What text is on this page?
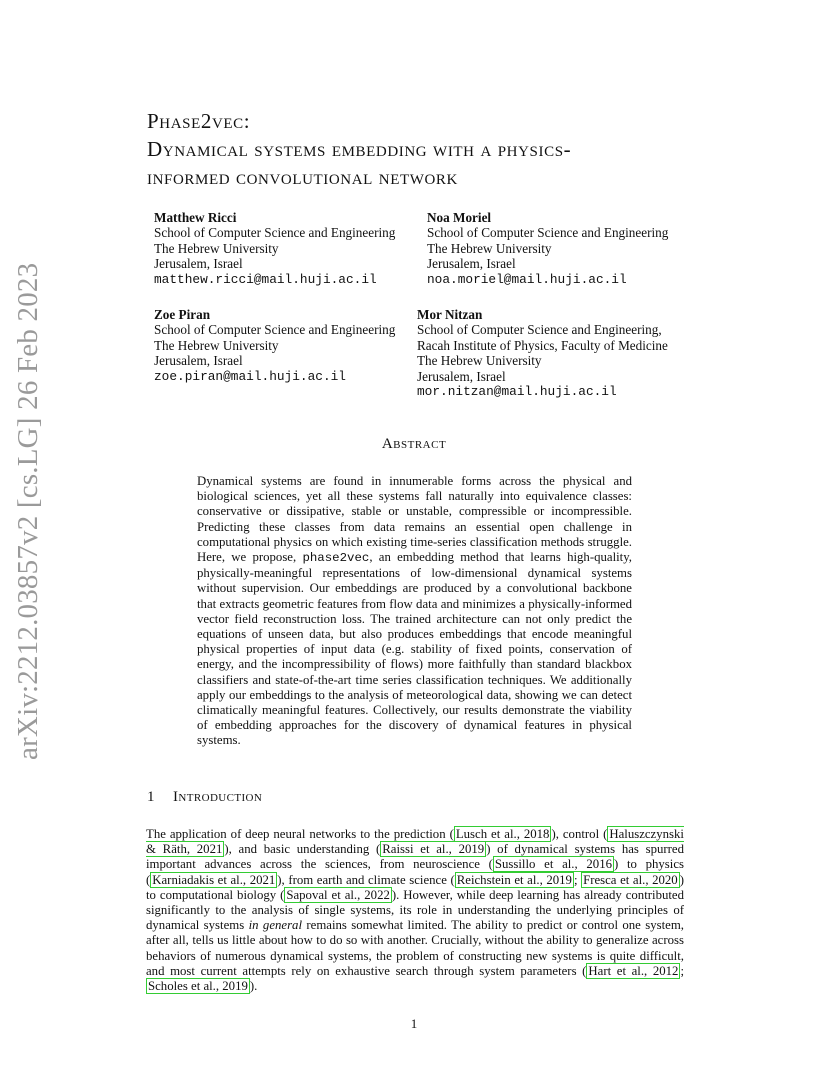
arXiv:2212.03857v2 [cs.LG] 26 Feb 2023
Phase2vec:
Dynamical systems embedding with a physics-
informed convolutional network
Matthew Ricci
School of Computer Science and Engineering
The Hebrew University
Jerusalem, Israel
matthew.ricci@mail.huji.ac.il
Noa Moriel
School of Computer Science and Engineering
The Hebrew University
Jerusalem, Israel
noa.moriel@mail.huji.ac.il
Zoe Piran
School of Computer Science and Engineering
The Hebrew University
Jerusalem, Israel
zoe.piran@mail.huji.ac.il
Mor Nitzan
School of Computer Science and Engineering,
Racah Institute of Physics, Faculty of Medicine
The Hebrew University
Jerusalem, Israel
mor.nitzan@mail.huji.ac.il
Abstract
Dynamical systems are found in innumerable forms across the physical and biological sciences, yet all these systems fall naturally into equivalence classes: conservative or dissipative, stable or unstable, compressible or incompressible. Predicting these classes from data remains an essential open challenge in computational physics on which existing time-series classification methods struggle. Here, we propose, phase2vec, an embedding method that learns high-quality, physically-meaningful representations of low-dimensional dynamical systems without supervision. Our embeddings are produced by a convolutional backbone that extracts geometric features from flow data and minimizes a physically-informed vector field reconstruction loss. The trained architecture can not only predict the equations of unseen data, but also produces embeddings that encode meaningful physical properties of input data (e.g. stability of fixed points, conservation of energy, and the incompressibility of flows) more faithfully than standard blackbox classifiers and state-of-the-art time series classification techniques. We additionally apply our embeddings to the analysis of meteorological data, showing we can detect climatically meaningful features. Collectively, our results demonstrate the viability of embedding approaches for the discovery of dynamical features in physical systems.
1 Introduction
The application of deep neural networks to the prediction ( Lusch et al., 2018 ), control ( Haluszczynski & Räth, 2021 ), and basic understanding ( Raissi et al., 2019 ) of dynamical systems has spurred important advances across the sciences, from neuroscience ( Sussillo et al., 2016 ) to physics ( Karniadakis et al., 2021 ), from earth and climate science ( Reichstein et al., 2019 ; Fresca et al., 2020 ) to computational biology ( Sapoval et al., 2022 ). However, while deep learning has already contributed significantly to the analysis of single systems, its role in understanding the underlying principles of dynamical systems in general remains somewhat limited. The ability to predict or control one system, after all, tells us little about how to do so with another. Crucially, without the ability to generalize across behaviors of numerous dynamical systems, the problem of constructing new systems is quite difficult, and most current attempts rely on exhaustive search through system parameters ( Hart et al., 2012 ; Scholes et al., 2019 ).
1
